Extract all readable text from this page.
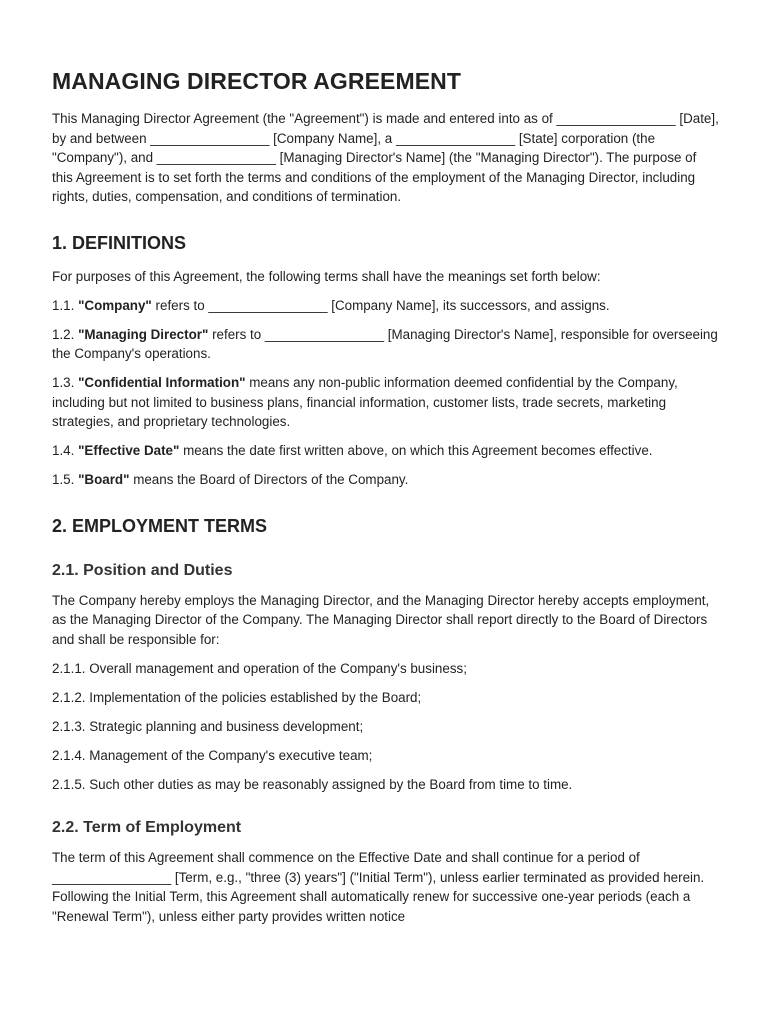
MANAGING DIRECTOR AGREEMENT

This Managing Director Agreement (the "Agreement") is made and entered into as of ________________ [Date], by and between ________________ [Company Name], a ________________ [State] corporation (the "Company"), and ________________ [Managing Director's Name] (the "Managing Director"). The purpose of this Agreement is to set forth the terms and conditions of the employment of the Managing Director, including rights, duties, compensation, and conditions of termination.

1. DEFINITIONS

For purposes of this Agreement, the following terms shall have the meanings set forth below:

1.1. "Company" refers to ________________ [Company Name], its successors, and assigns.

1.2. "Managing Director" refers to ________________ [Managing Director's Name], responsible for overseeing the Company's operations.

1.3. "Confidential Information" means any non-public information deemed confidential by the Company, including but not limited to business plans, financial information, customer lists, trade secrets, marketing strategies, and proprietary technologies.

1.4. "Effective Date" means the date first written above, on which this Agreement becomes effective.

1.5. "Board" means the Board of Directors of the Company.

2. EMPLOYMENT TERMS
2.1. Position and Duties

The Company hereby employs the Managing Director, and the Managing Director hereby accepts employment, as the Managing Director of the Company. The Managing Director shall report directly to the Board of Directors and shall be responsible for:

2.1.1. Overall management and operation of the Company's business;

2.1.2. Implementation of the policies established by the Board;

2.1.3. Strategic planning and business development;

2.1.4. Management of the Company's executive team;

2.1.5. Such other duties as may be reasonably assigned by the Board from time to time.

2.2. Term of Employment

The term of this Agreement shall commence on the Effective Date and shall continue for a period of ________________ [Term, e.g., "three (3) years"] ("Initial Term"), unless earlier terminated as provided herein. Following the Initial Term, this Agreement shall automatically renew for successive one-year periods (each a "Renewal Term"), unless either party provides written notice
